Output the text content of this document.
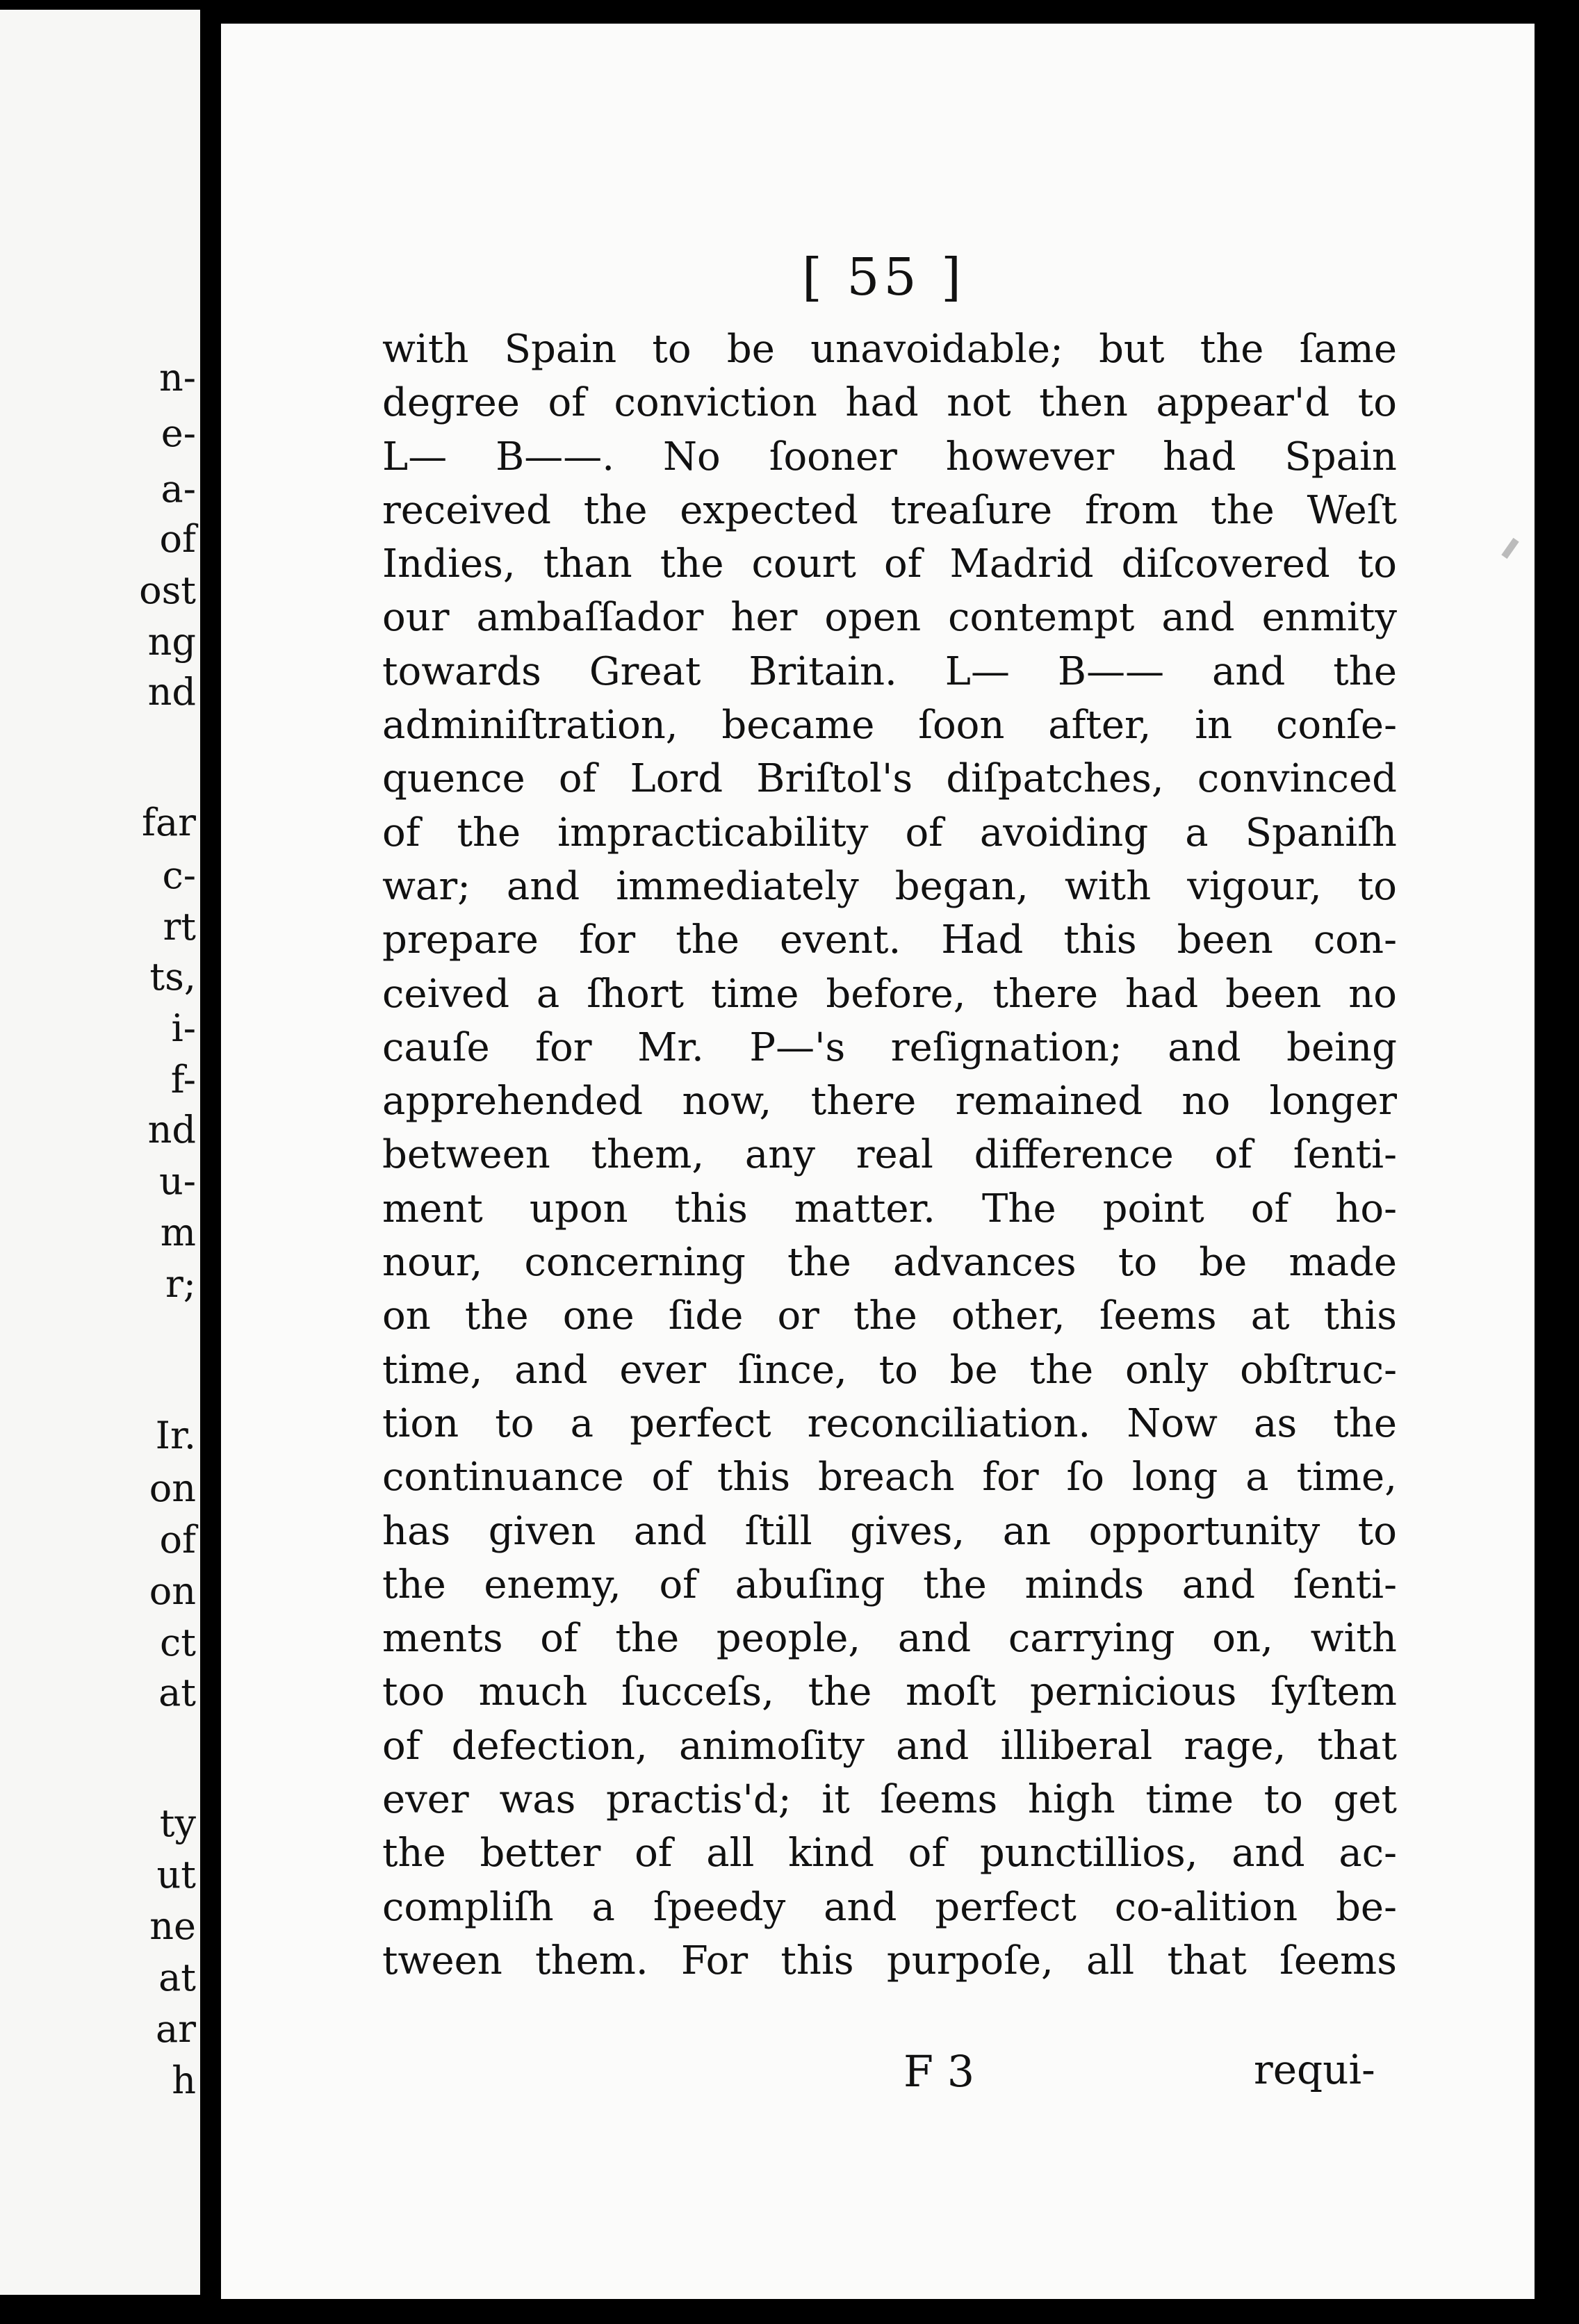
n-
e-
a-
of
ost
ng
nd
far
c-
rt
ts,
i-
f-
nd
u-
m
r;
Ir.
on
of
on
ct
at
ty
ut
ne
at
ar
h
[ 55 ]
with Spain to be unavoidable; but the ſame
degree of conviction had not then appear'd to
L— B——. No ſooner however had Spain
received the expected treaſure from the Weſt
Indies, than the court of Madrid diſcovered to
our ambaſſador her open contempt and enmity
towards Great Britain. L— B—— and the
adminiſtration, became ſoon after, in conſe-
quence of Lord Briſtol's diſpatches, convinced
of the impracticability of avoiding a Spaniſh
war; and immediately began, with vigour, to
prepare for the event. Had this been con-
ceived a ſhort time before, there had been no
cauſe for Mr. P—'s reſignation; and being
apprehended now, there remained no longer
between them, any real difference of ſenti-
ment upon this matter. The point of ho-
nour, concerning the advances to be made
on the one ſide or the other, ſeems at this
time, and ever ſince, to be the only obſtruc-
tion to a perfect reconciliation. Now as the
continuance of this breach for ſo long a time,
has given and ſtill gives, an opportunity to
the enemy, of abuſing the minds and ſenti-
ments of the people, and carrying on, with
too much ſucceſs, the moſt pernicious ſyſtem
of defection, animoſity and illiberal rage, that
ever was practis'd; it ſeems high time to get
the better of all kind of punctillios, and ac-
compliſh a ſpeedy and perfect co-alition be-
tween them. For this purpoſe, all that ſeems
F 3	requi-
